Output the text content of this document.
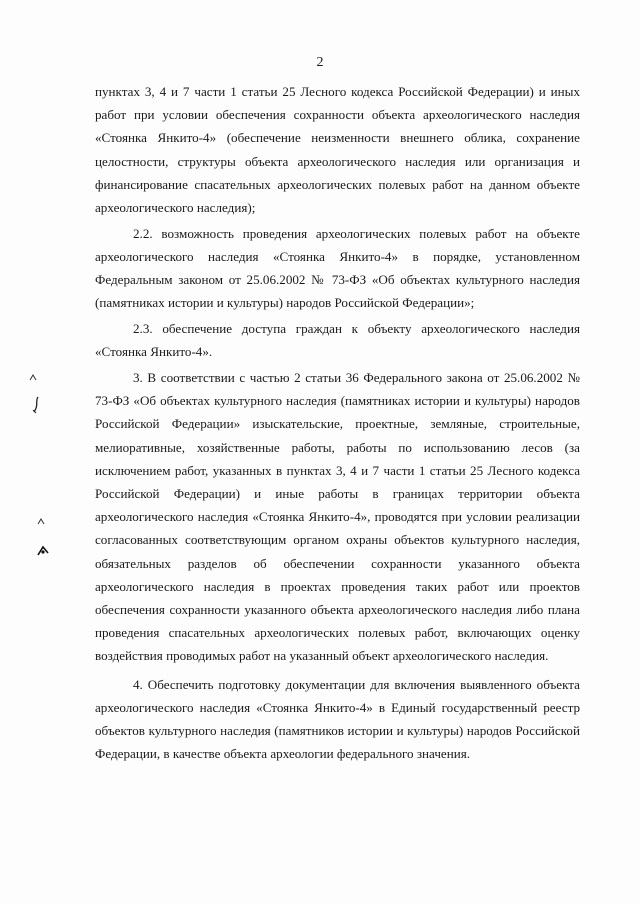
2

пунктах 3, 4 и 7 части 1 статьи 25 Лесного кодекса Российской Федерации) и иных работ при условии обеспечения сохранности объекта археологического наследия «Стоянка Янкито-4» (обеспечение неизменности внешнего облика, сохранение целостности, структуры объекта археологического наследия или организация и финансирование спасательных археологических полевых работ на данном объекте археологического наследия);

2.2. возможность проведения археологических полевых работ на объекте археологического наследия «Стоянка Янкито-4» в порядке, установленном Федеральным законом от 25.06.2002 № 73-ФЗ «Об объектах культурного наследия (памятниках истории и культуры) народов Российской Федерации»;

2.3. обеспечение доступа граждан к объекту археологического наследия «Стоянка Янкито-4».

3. В соответствии с частью 2 статьи 36 Федерального закона от 25.06.2002 № 73-ФЗ «Об объектах культурного наследия (памятниках истории и культуры) народов Российской Федерации» изыскательские, проектные, земляные, строительные, мелиоративные, хозяйственные работы, работы по использованию лесов (за исключением работ, указанных в пунктах 3, 4 и 7 части 1 статьи 25 Лесного кодекса Российской Федерации) и иные работы в границах территории объекта археологического наследия «Стоянка Янкито-4», проводятся при условии реализации согласованных соответствующим органом охраны объектов культурного наследия, обязательных разделов об обеспечении сохранности указанного объекта археологического наследия в проектах проведения таких работ или проектов обеспечения сохранности указанного объекта археологического наследия либо плана проведения спасательных археологических полевых работ, включающих оценку воздействия проводимых работ на указанный объект археологического наследия.

4. Обеспечить подготовку документации для включения выявленного объекта археологического наследия «Стоянка Янкито-4» в Единый государственный реестр объектов культурного наследия (памятников истории и культуры) народов Российской Федерации, в качестве объекта археологии федерального значения.
